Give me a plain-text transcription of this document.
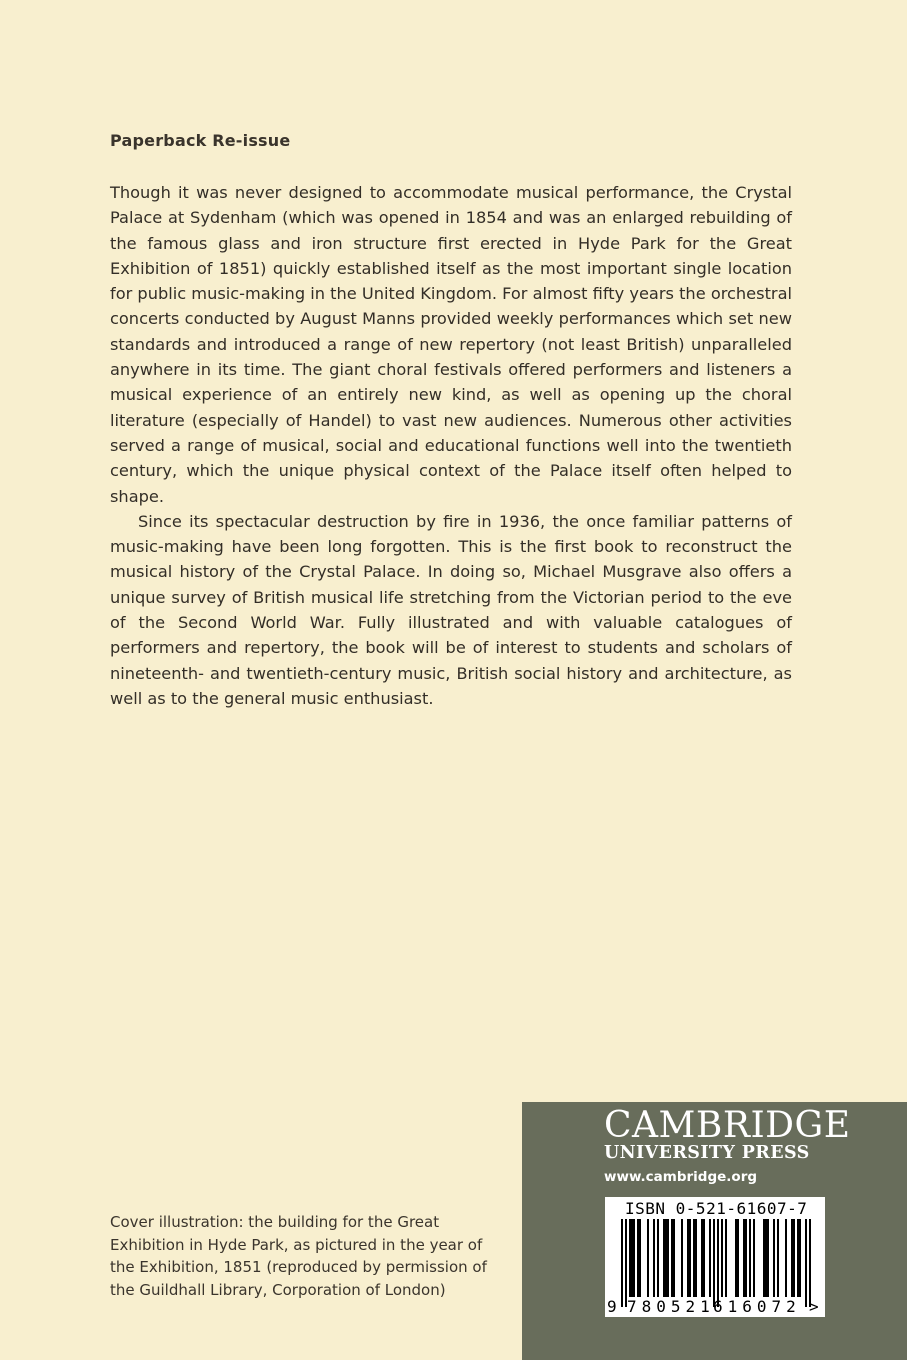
Paperback Re-issue

Though it was never designed to accommodate musical performance, the Crystal Palace at Sydenham (which was opened in 1854 and was an enlarged rebuilding of the famous glass and iron structure first erected in Hyde Park for the Great Exhibition of 1851) quickly established itself as the most important single location for public music-making in the United Kingdom. For almost fifty years the orchestral concerts conducted by August Manns provided weekly performances which set new standards and introduced a range of new repertory (not least British) unparalleled anywhere in its time. The giant choral festivals offered performers and listeners a musical experience of an entirely new kind, as well as opening up the choral literature (especially of Handel) to vast new audiences. Numerous other activities served a range of musical, social and educational functions well into the twentieth century, which the unique physical context of the Palace itself often helped to shape.

Since its spectacular destruction by fire in 1936, the once familiar patterns of music-making have been long forgotten. This is the first book to reconstruct the musical history of the Crystal Palace. In doing so, Michael Musgrave also offers a unique survey of British musical life stretching from the Victorian period to the eve of the Second World War. Fully illustrated and with valuable catalogues of performers and repertory, the book will be of interest to students and scholars of nineteenth- and twentieth-century music, British social history and architecture, as well as to the general music enthusiast.

Cover illustration: the building for the Great Exhibition in Hyde Park, as pictured in the year of the Exhibition, 1851 (reproduced by permission of the Guildhall Library, Corporation of London)
CAMBRIDGE
UNIVERSITY PRESS
www.cambridge.org
ISBN 0-521-61607-7
9 780521
616072 >
